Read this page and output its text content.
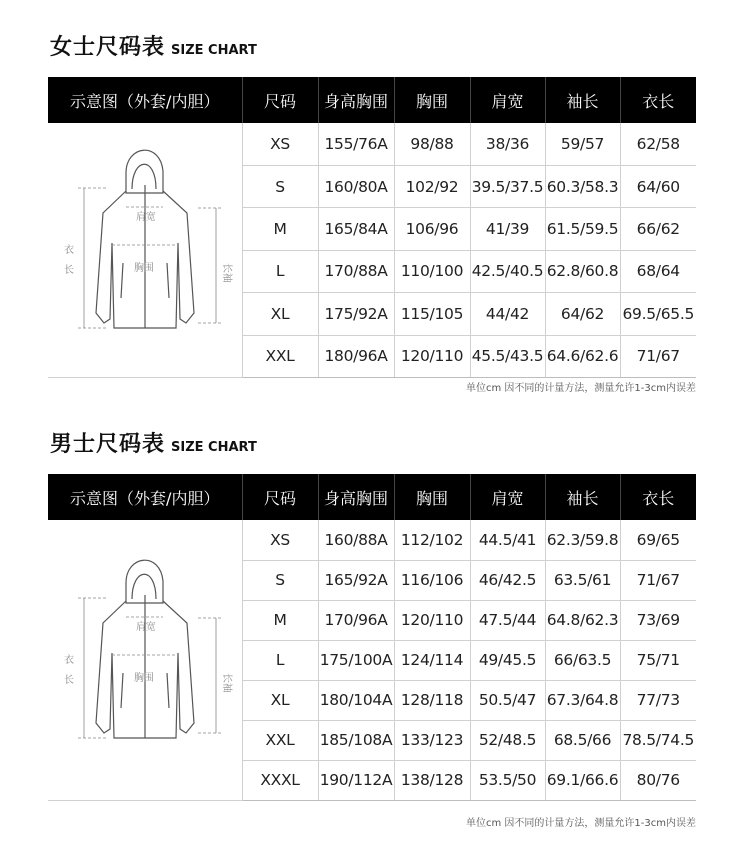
女士尺码表 SIZE CHART
示意图（外套/内胆）	尺码	身高胸围	胸围	肩宽	袖长	衣长

肩宽
胸围
衣
长 长袖	XS	155/76A	98/88	38/36	59/57	62/58
	S	160/80A	102/92	39.5/37.5	60.3/58.3	64/60
	M	165/84A	106/96	41/39	61.5/59.5	66/62
	L	170/88A	110/100	42.5/40.5	62.8/60.8	68/64
	XL	175/92A	115/105	44/42	64/62	69.5/65.5
	XXL	180/96A	120/110	45.5/43.5	64.6/62.6	71/67
单位cm 因不同的计量方法，测量允许1-3cm内误差
男士尺码表 SIZE CHART
示意图（外套/内胆）	尺码	身高胸围	胸围	肩宽	袖长	衣长

肩宽
胸围
衣
长 长袖	XS	160/88A	112/102	44.5/41	62.3/59.8	69/65
	S	165/92A	116/106	46/42.5	63.5/61	71/67
	M	170/96A	120/110	47.5/44	64.8/62.3	73/69
	L	175/100A	124/114	49/45.5	66/63.5	75/71
	XL	180/104A	128/118	50.5/47	67.3/64.8	77/73
	XXL	185/108A	133/123	52/48.5	68.5/66	78.5/74.5
	XXXL	190/112A	138/128	53.5/50	69.1/66.6	80/76
单位cm 因不同的计量方法，测量允许1-3cm内误差
